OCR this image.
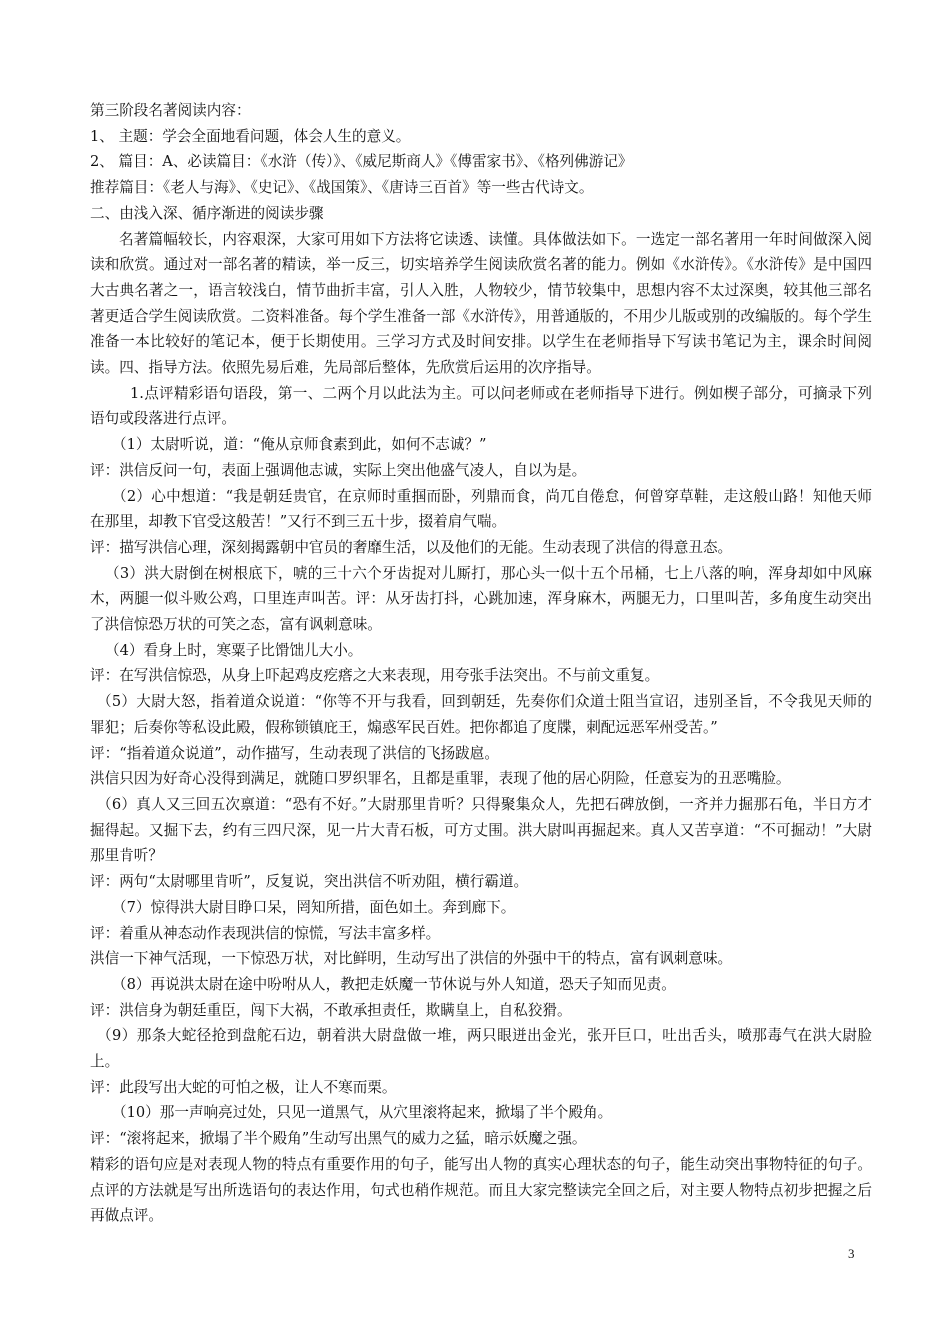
第三阶段名著阅读内容：

1、 主题：学会全面地看问题，体会人生的意义。

2、 篇目：A、必读篇目：《水浒（传）》、《威尼斯商人》《傅雷家书》、《格列佛游记》

推荐篇目：《老人与海》、《史记》、《战国策》、《唐诗三百首》等一些古代诗文。

二、由浅入深、循序渐进的阅读步骤

名著篇幅较长，内容艰深，大家可用如下方法将它读透、读懂。具体做法如下。一选定一部名著用一年时间做深入阅读和欣赏。通过对一部名著的精读，举一反三，切实培养学生阅读欣赏名著的能力。例如《水浒传》。《水浒传》是中国四大古典名著之一，语言较浅白，情节曲折丰富，引人入胜，人物较少，情节较集中，思想内容不太过深奥，较其他三部名著更适合学生阅读欣赏。二资料准备。每个学生准备一部《水浒传》，用普通版的，不用少儿版或别的改编版的。每个学生准备一本比较好的笔记本，便于长期使用。三学习方式及时间安排。以学生在老师指导下写读书笔记为主，课余时间阅读。四、指导方法。依照先易后难，先局部后整体，先欣赏后运用的次序指导。

1.点评精彩语句语段，第一、二两个月以此法为主。可以问老师或在老师指导下进行。例如楔子部分，可摘录下列语句或段落进行点评。

（1）太尉听说，道：“俺从京师食素到此，如何不志诚？”

评：洪信反问一句，表面上强调他志诚，实际上突出他盛气凌人，自以为是。

（2）心中想道：“我是朝廷贵官，在京师时重掴而卧，列鼎而食，尚兀自倦怠，何曾穿草鞋，走这般山路！知他天师在那里，却教下官受这般苦！”又行不到三五十步，掇着肩气喘。

评：描写洪信心理，深刻揭露朝中官员的奢靡生活，以及他们的无能。生动表现了洪信的得意丑态。

（3）洪大尉倒在树根底下，唬的三十六个牙齿捉对儿厮打，那心头一似十五个吊桶，七上八落的响，浑身却如中风麻木，两腿一似斗败公鸡，口里连声叫苦。评：从牙齿打抖，心跳加速，浑身麻木，两腿无力，口里叫苦，多角度生动突出了洪信惊恐万状的可笑之态，富有讽刺意味。

（4）看身上时，寒粟子比馉饳儿大小。

评：在写洪信惊恐，从身上吓起鸡皮疙瘩之大来表现，用夸张手法突出。不与前文重复。

（5）大尉大怒，指着道众说道：“你等不开与我看，回到朝廷，先奏你们众道士阻当宣诏，违别圣旨，不令我见天师的罪犯；后奏你等私设此殿，假称锁镇庇王，煽惑军民百姓。把你都追了度牒，刺配远恶军州受苦。”

评：“指着道众说道”，动作描写，生动表现了洪信的飞扬跋扈。

洪信只因为好奇心没得到满足，就随口罗织罪名，且都是重罪，表现了他的居心阴险，任意妄为的丑恶嘴脸。

（6）真人又三回五次禀道：“恐有不好。”大尉那里肯听？只得聚集众人，先把石碑放倒，一齐并力掘那石龟，半日方才掘得起。又掘下去，约有三四尺深，见一片大青石板，可方丈围。洪大尉叫再掘起来。真人又苦享道：“不可掘动！”大尉那里肯听？

评：两句“太尉哪里肯听”，反复说，突出洪信不听劝阻，横行霸道。

（7）惊得洪大尉目睁口呆，罔知所措，面色如土。奔到廊下。

评：着重从神态动作表现洪信的惊慌，写法丰富多样。

洪信一下神气活现，一下惊恐万状，对比鲜明，生动写出了洪信的外强中干的特点，富有讽刺意味。

（8）再说洪太尉在途中吩咐从人，教把走妖魔一节休说与外人知道，恐天子知而见责。

评：洪信身为朝廷重臣，闯下大祸，不敢承担责任，欺瞒皇上，自私狡猾。

（9）那条大蛇径抢到盘舵石边，朝着洪大尉盘做一堆，两只眼迸出金光，张开巨口，吐出舌头，喷那毒气在洪大尉脸上。

评：此段写出大蛇的可怕之极，让人不寒而栗。

（10）那一声响亮过处，只见一道黑气，从穴里滚将起来，掀塌了半个殿角。

评：“滚将起来，掀塌了半个殿角”生动写出黑气的威力之猛，暗示妖魔之强。

精彩的语句应是对表现人物的特点有重要作用的句子，能写出人物的真实心理状态的句子，能生动突出事物特征的句子。点评的方法就是写出所选语句的表达作用，句式也稍作规范。而且大家完整读完全回之后，对主要人物特点初步把握之后再做点评。

3
